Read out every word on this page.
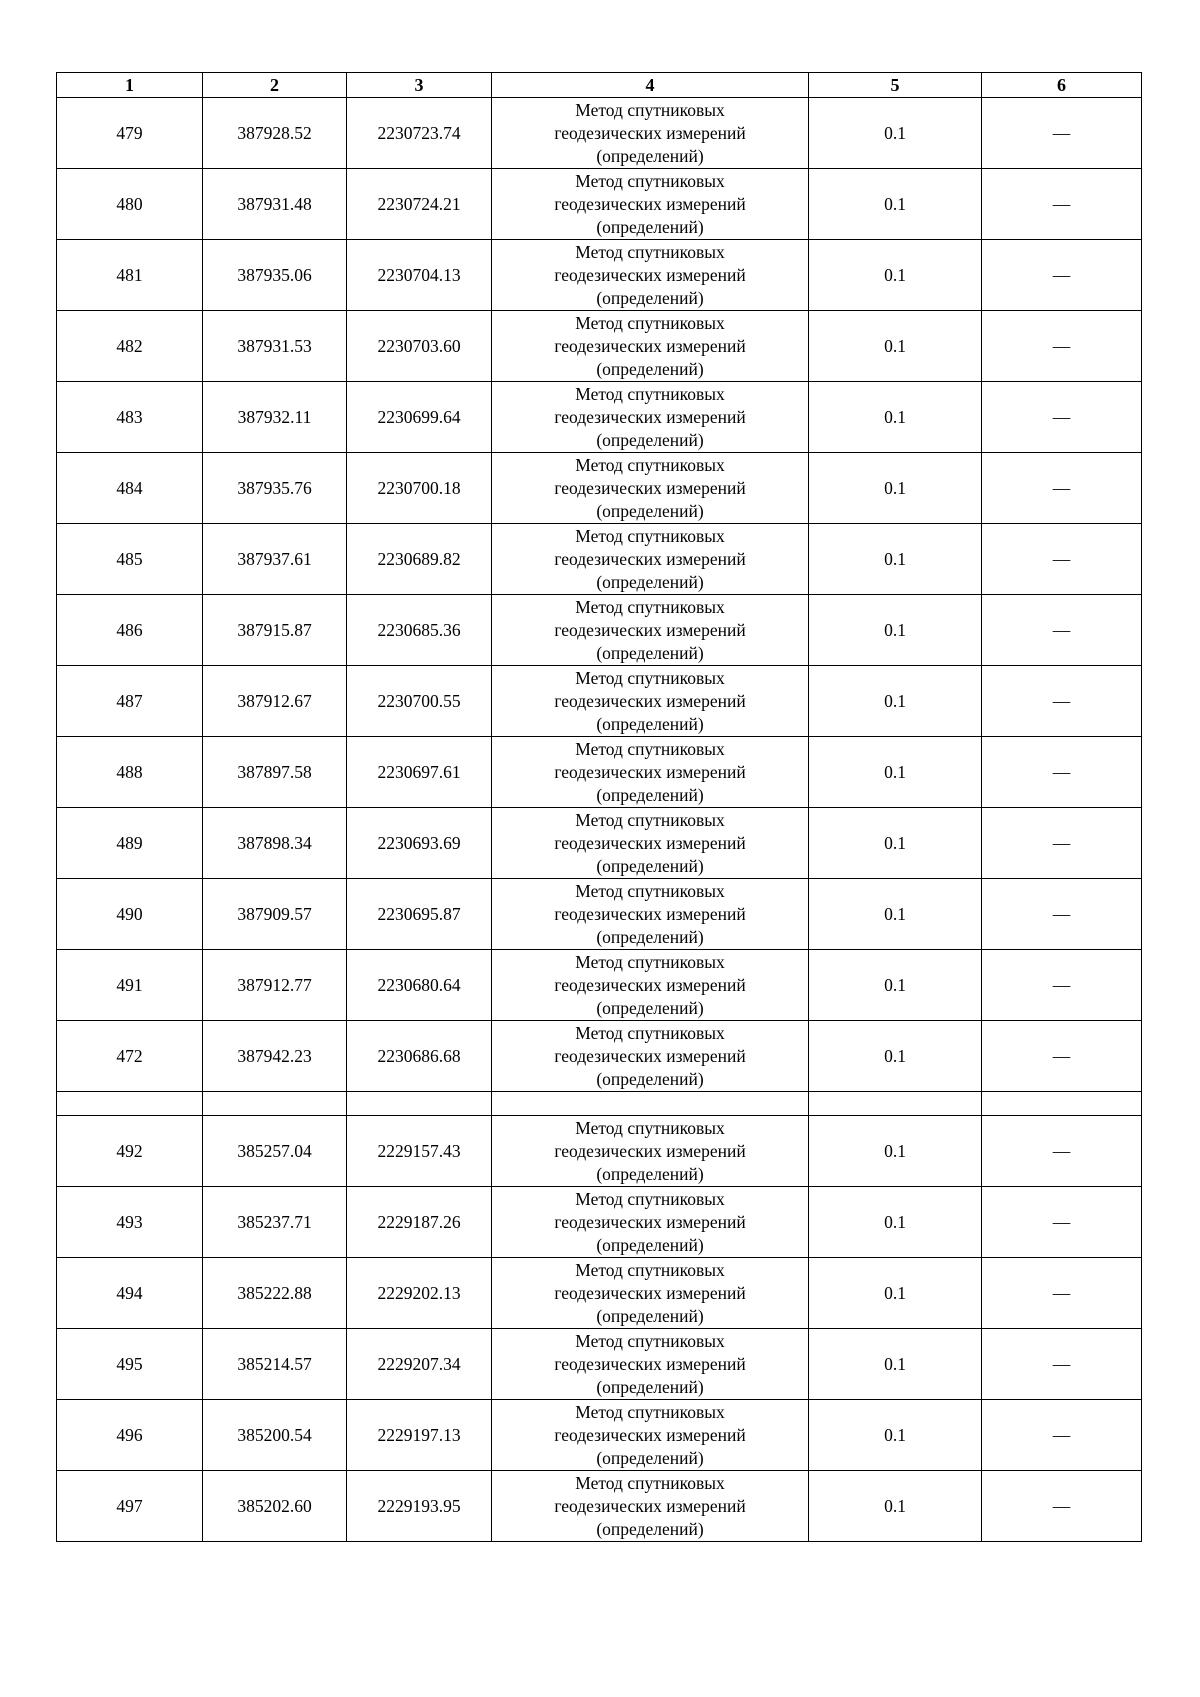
1	2	3	4	5	6
479	387928.52	2230723.74	Метод спутниковых
геодезических измерений
(определений)	0.1	—
480	387931.48	2230724.21	Метод спутниковых
геодезических измерений
(определений)	0.1	—
481	387935.06	2230704.13	Метод спутниковых
геодезических измерений
(определений)	0.1	—
482	387931.53	2230703.60	Метод спутниковых
геодезических измерений
(определений)	0.1	—
483	387932.11	2230699.64	Метод спутниковых
геодезических измерений
(определений)	0.1	—
484	387935.76	2230700.18	Метод спутниковых
геодезических измерений
(определений)	0.1	—
485	387937.61	2230689.82	Метод спутниковых
геодезических измерений
(определений)	0.1	—
486	387915.87	2230685.36	Метод спутниковых
геодезических измерений
(определений)	0.1	—
487	387912.67	2230700.55	Метод спутниковых
геодезических измерений
(определений)	0.1	—
488	387897.58	2230697.61	Метод спутниковых
геодезических измерений
(определений)	0.1	—
489	387898.34	2230693.69	Метод спутниковых
геодезических измерений
(определений)	0.1	—
490	387909.57	2230695.87	Метод спутниковых
геодезических измерений
(определений)	0.1	—
491	387912.77	2230680.64	Метод спутниковых
геодезических измерений
(определений)	0.1	—
472	387942.23	2230686.68	Метод спутниковых
геодезических измерений
(определений)	0.1	—

492	385257.04	2229157.43	Метод спутниковых
геодезических измерений
(определений)	0.1	—
493	385237.71	2229187.26	Метод спутниковых
геодезических измерений
(определений)	0.1	—
494	385222.88	2229202.13	Метод спутниковых
геодезических измерений
(определений)	0.1	—
495	385214.57	2229207.34	Метод спутниковых
геодезических измерений
(определений)	0.1	—
496	385200.54	2229197.13	Метод спутниковых
геодезических измерений
(определений)	0.1	—
497	385202.60	2229193.95	Метод спутниковых
геодезических измерений
(определений)	0.1	—
